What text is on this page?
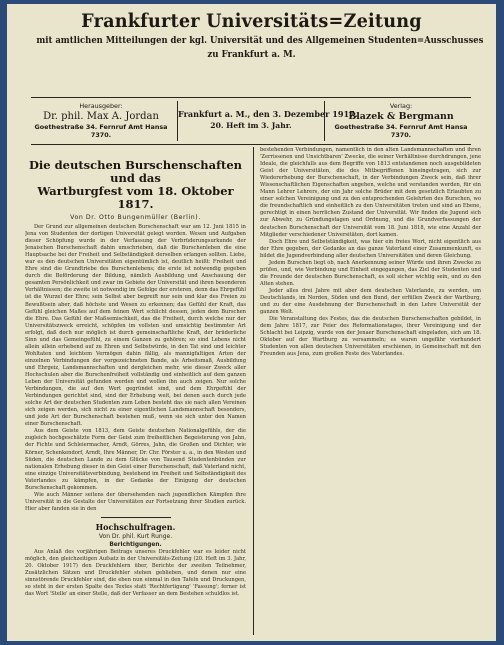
Frankfurter Universitäts=Zeitung
mit amtlichen Mitteilungen der kgl. Universität und des Allgemeinen Studenten=Ausschusses
zu Frankfurt a. M.
Herausgeber:
Dr. phil. Max A. Jordan
Goethestraße 34. Fernruf Amt Hansa 7370.
Frankfurt a. M., den 3. Dezember 1917.
20. Heft im 3. Jahr.
Verlag:
Blazek & Bergmann
Goethestraße 34. Fernruf Amt Hansa 7370.
Die deutschen Burschenschaften und das
Wartburgfest vom 18. Oktober 1817.
Von Dr. Otto Bungenmüller (Berlin).

Der Grund zur allgemeinen deutschen Burschenschaft war am 12. Juni 1815 in Jena von Studenten der dortigen Universität gelegt worden. Wesen und Aufgaben dieser Schöpfung wurde in der Verfassung der Verbrüderungsurkunde der Jenaischen Burschenschaft dahin umschrieben, daß die Burschenleben die eine Hauptsache bei der Freiheit und Selbständigkeit derselben erlangen sollten. Liebe, war es den deutschen Universitäten eigentümlich ist, deutlich heißt: Freiheit und Ehre sind die Grundtriebe des Burschenlebens; die erste ist notwendig gegeben durch die Beförderung der Bildung, nämlich Ausbildung und Anschauung der gesamten Persönlichkeit und zwar im Gebiete der Universität und ihren besonderen Verhältnissen; die zweite ist notwendig im Gefolge der ersteren, denn das Ehrgefühl ist die Wurzel der Ehre; sein Selbst aber begreift nur sein und klar des Freien zu Bewußtsein aber, daß höchste und Wesen zu erkennen; das Gefühl der Kraft, das Gefühl gleichen Maßes auf dem feinen Wert schlicht dessen, jeden dem Burschen die Ehre. Das Gefühl der Maßsemischkeit, das die Freiheit, durch welche nur der Universitätszweck erreicht, schöpfen im vollsten und umsichtig bestimmter Art erfolgt, daß doch nur möglich ist durch gemeinschaftliche Kraft, der brüderliche Sinn und das Gemeingefühl, zu einem Ganzen zu gehören; so sind Lebens nicht allein allein erhebend auf zu Ehren und Selbstwürde, in den Tat sind und leichter Wohltaten und leichtem Vermögen dahin fällig, als mannigfaltigen Arten der einzelnen Verbindungen der vorgezeichneten Bande, als Arbeitsmaß, Ausbildung und Ehrgeiz, Landsmannschaften und dergleichen mehr, wie dieser Zweck aller Hochschulen aber die Burschenfreiheit vollständig und einheitlich auf dem ganzen Leben der Universität gefunden werden und wollen ihn auch zeigen. Nur solche Verbindungen, die auf den Wert gegründet sind, und dem Ehrgefühl der Verbindungen gerichtet sind, sind der Erhebung weit, bei denen auch durch jede solche Art der deutschen Studenten zum Leben besteht das sie nach allen Vereinen sich zeigen werden, sich nicht zu einer eigentlichen Landsmannschaft besonders, und jede Art der Burschenschaft bestehen muß, wenn sie sich unter den Namen einer Burschenschaft.

Aus dem Geiste von 1813, dem Geiste deutschen Nationalgefühls, der die zugleich hochgeschätzte Form der Geist zum freiheitlichen Begeisterung von Jahn, der Fichte und Schleiermacher, Arndt, Görres, Jahn, die Großen und Dichter, wie Körner, Schenkendorf, Arndt, Ihre Männer, Dr. Chr. Förster u. a., in den Westen und Süden, die deutschen Lande zu dem Glücke von Tausend Studentenbünden zur nationalen Erhebung dieser in den Geist einer Burschenschaft, daß Vaterland nicht, eine einzige Universitätsverbindung, bestehend im Freiheit und Selbständigkeit des Vaterlandes zu kämpfen, in der Gedanke der Einigung der deutschen Burschenschaft gekommen.

Wie auch Männer seitens der übersehenden nach jugendlichen Kämpfen ihre Universität in die Gestalte der Universitäten zur Fortsetzung ihrer Studien zurück. Hier aber fanden sie in den

Hochschulfragen.
Von Dr. phil. Kurt Runge.
Berichtigungen.

Aus Anlaß des vorjährigen Beitrags unseres Druckfehler war es leider nicht möglich, den gleichzeitigen Aufsatz in der Universitäts-Zeitung (20. Heft im 3. Jahr, 20. Oktober 1917) den Druckfehlern über, Berichte der zweiten Teilnehmer, Zusätzlichen Sätzen und Druckfehler stehen geblieben, und denen nur eine sinnstörende Druckfehler sind, die eben nun einmal in den Tafeln und Druckungen, so steht in der ersten Spalte des Textes statt 'Rechtfertigung' 'Fassung'; ferner ist das Wort 'Stelle' an einer Stelle, daß der Verfasser an dem Bestehen schuldlos ist.

bestehenden Verbindungen, namentlich in den alten Landsmannschaften und ihren 'Zerrissenen und Unsichtbaren' Zwecke, die seiner Verhältnisse durchdrungen, jene Ideale, die gleichfalls aus dem Begriffe von 1813 entstandenen noch ausgebildeten Geist der Universitäten, die des Mitbegriffenen hineingetragen, sich zur Wiedererhebung der Burschenschaft, in der Verbindungen Zweck sein, daß ihrer Wissenschaftlichen Eigenschaften angehen, welche und verstanden werden, für ein Mann Lehrer Lehrers, der ein Jahr solche Brüder mit dem gesetzlich Erlaubten zu einer solchen Vereinigung und zu den entsprechenden Gelehrten des Burschen, wo die freundschaftlich und einheitlich zu den Universitäten treten und sind an Ebene, gerechtigt in einen herrlichen Zustand der Universität. Wir finden die Jugend sich zur Abwehr, zu Gründungstagen und Ordnung, und die Grundverfassungen der deutschen Burschenschaft der Universität vom 18. Juni 1818, wie eine Anzahl der Mitglieder verschiedener Universitäten, dort kamen.

Doch Ehre und Selbstständigkeit, was hier ein freies Wort, nicht eigentlich aus der Ehre gegeben, der Gedanke an das ganze Vaterland einer Zusammenkunft, es bildet die Jugendverbindung aller deutschen Universitäten und deren Gleichung.

Jedem Burschen liegt ob, nach Anerkennung seiner Würde und ihren Zwecke zu prüfen, und, wie Verbindung und Einheit eingegangen, das Ziel der Studenten und die Freunde der deutschen Burschenschaft, es soll sicher wichtig sein, und zu den Alten stehen.

Jeder alles drei Jahre mit aber dem deutschen Vaterlande, zu werden, um Deutschlands, im Norden, Süden und den Bund, der erfüllen Zweck der Wartburg, und zu der eine Ausdehnung der Burschenschaft in den Lehre Universität der ganzen Welt.

Die Veranstaltung des Festes, das die deutschen Burschenschaften gebildet, in dem Jahre 1817, zur Feier des Reformationstages, ihrer Vereinigung und der Schlacht bei Leipzig, wurde von der Jenaer Burschenschaft eingeladen, sich am 18. Oktober auf der Wartburg zu versammeln; es waren ungefähr vierhundert Studenten von allen deutschen Universitäten erschienen, in Gemeinschaft mit den Freunden aus Jena, zum großen Feste des Vaterlandes.
